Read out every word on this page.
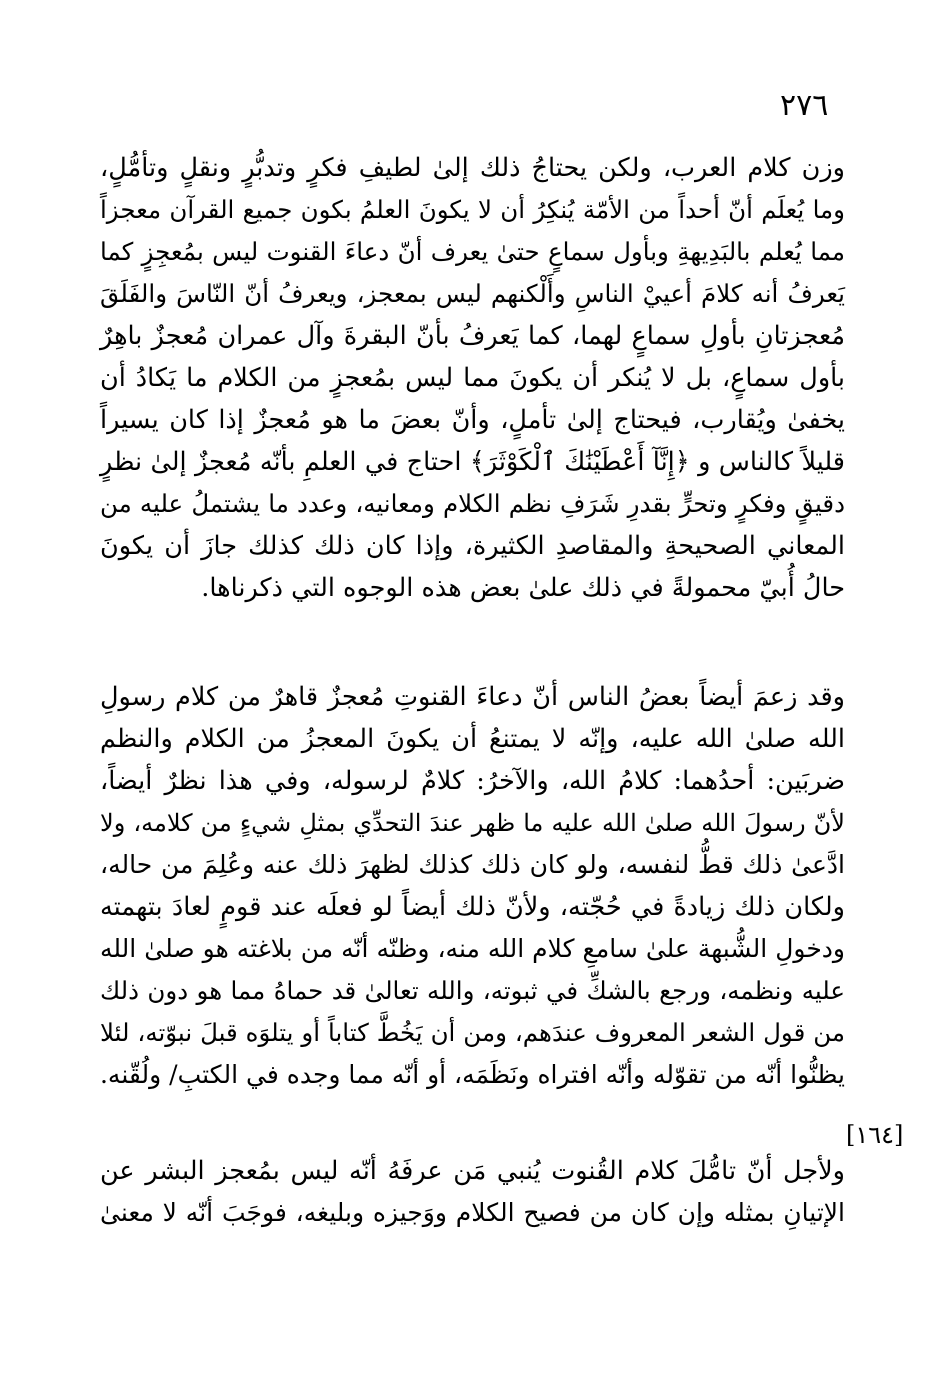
٢٧٦
وزن كلام العرب، ولكن يحتاجُ ذلك إلىٰ لطيفِ فكرٍ وتدبُّرٍ ونقلٍ وتأمُّلٍ،
وما يُعلَم أنّ أحداً من الأمّة يُنكِرُ أن لا يكونَ العلمُ بكون جميع القرآن معجزاً
مما يُعلم بالبَدِيهةِ وبأول سماعٍ حتىٰ يعرف أنّ دعاءَ القنوت ليس بمُعجِزٍ كما
يَعرفُ أنه كلامَ أعييْ الناسِ وأَلْكنهم ليس بمعجز، ويعرفُ أنّ النّاسَ والفَلَقَ
مُعجزتانِ بأولِ سماعٍ لهما، كما يَعرفُ بأنّ البقرةَ وآل عمران مُعجزٌ باهِرٌ
بأول سماعٍ، بل لا يُنكر أن يكونَ مما ليس بمُعجزٍ من الكلام ما يَكادُ أن
يخفىٰ ويُقارب، فيحتاج إلىٰ تأملٍ، وأنّ بعضَ ما هو مُعجزٌ إذا كان يسيراً
قليلاً كالناس و ﴿إِنَّآ أَعْطَيْنَٰكَ ٱلْكَوْثَرَ﴾ احتاج في العلمِ بأنّه مُعجزٌ إلىٰ نظرٍ
دقيقٍ وفكرٍ وتحرٍّ بقدرِ شَرَفِ نظم الكلام ومعانيه، وعدد ما يشتملُ عليه من
المعاني الصحيحةِ والمقاصدِ الكثيرة، وإذا كان ذلك كذلك جازَ أن يكونَ
حالُ أُبيّ محمولةً في ذلك علىٰ بعض هذه الوجوه التي ذكرناها.
وقد زعمَ أيضاً بعضُ الناس أنّ دعاءَ القنوتِ مُعجزٌ قاهرٌ من كلام رسولِ
الله صلىٰ الله عليه، وإنّه لا يمتنعُ أن يكونَ المعجزُ من الكلام والنظم
ضربَين: أحدُهما: كلامُ الله، والآخرُ: كلامٌ لرسوله، وفي هذا نظرٌ أيضاً،
لأنّ رسولَ الله صلىٰ الله عليه ما ظهر عندَ التحدِّي بمثلِ شيءٍ من كلامه، ولا
ادَّعىٰ ذلك قطُّ لنفسه، ولو كان ذلك كذلك لظهرَ ذلك عنه وعُلِمَ من حاله،
ولكان ذلك زيادةً في حُجّته، ولأنّ ذلك أيضاً لو فعلَه عند قومٍ لعادَ بتهمته
ودخولِ الشُّبهة علىٰ سامعِ كلام الله منه، وظنّه أنّه من بلاغته هو صلىٰ الله
عليه ونظمه، ورجع بالشكِّ في ثبوته، والله تعالىٰ قد حماهُ مما هو دون ذلك
من قول الشعر المعروف عندَهم، ومن أن يَخُطَّ كتاباً أو يتلوَه قبلَ نبوّته، لئلا
يظنُّوا أنّه من تقوّله وأنّه افتراه ونَظَمَه، أو أنّه مما وجده في الكتبِ/ ولُقّنه.
[١٦٤]
ولأجل أنّ تامُّلَ كلام القُنوت يُنبي مَن عرفَهُ أنّه ليس بمُعجز البشر عن
الإتيانِ بمثله وإن كان من فصيح الكلام ووَجيزه وبليغه، فوجَبَ أنّه لا معنىٰ
